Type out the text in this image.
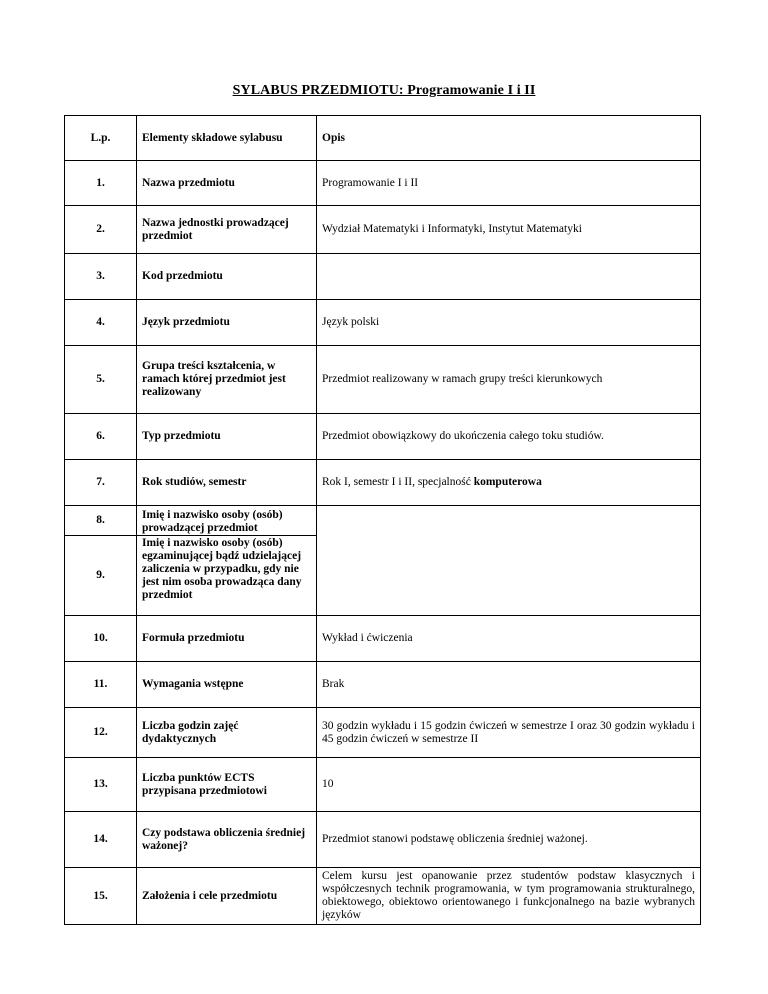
SYLABUS PRZEDMIOTU: Programowanie I i II
L.p.	Elementy składowe sylabusu	Opis
1.	Nazwa przedmiotu	Programowanie I i II
2.	Nazwa jednostki prowadzącej przedmiot	Wydział Matematyki i Informatyki, Instytut Matematyki
3.	Kod przedmiotu	
4.	Język przedmiotu	Język polski
5.	Grupa treści kształcenia, w ramach której przedmiot jest realizowany	Przedmiot realizowany w ramach grupy treści kierunkowych
6.	Typ przedmiotu	Przedmiot obowiązkowy do ukończenia całego toku studiów.
7.	Rok studiów, semestr	Rok I, semestr I i II, specjalność komputerowa
8.	Imię i nazwisko osoby (osób) prowadzącej przedmiot	
9.	Imię i nazwisko osoby (osób) egzaminującej bądź udzielającej zaliczenia w przypadku, gdy nie jest nim osoba prowadząca dany przedmiot	
10.	Formuła przedmiotu	Wykład i ćwiczenia
11.	Wymagania wstępne	Brak
12.	Liczba godzin zajęć dydaktycznych	30 godzin wykładu i 15 godzin ćwiczeń w semestrze I oraz 30 godzin wykładu i 45 godzin ćwiczeń w semestrze II
13.	Liczba punktów ECTS przypisana przedmiotowi	10
14.	Czy podstawa obliczenia średniej ważonej?	Przedmiot stanowi podstawę obliczenia średniej ważonej.
15.	Założenia i cele przedmiotu	Celem kursu jest opanowanie przez studentów podstaw klasycznych i współczesnych technik programowania, w tym programowania strukturalnego, obiektowego, obiektowo orientowanego i funkcjonalnego na bazie wybranych języków
